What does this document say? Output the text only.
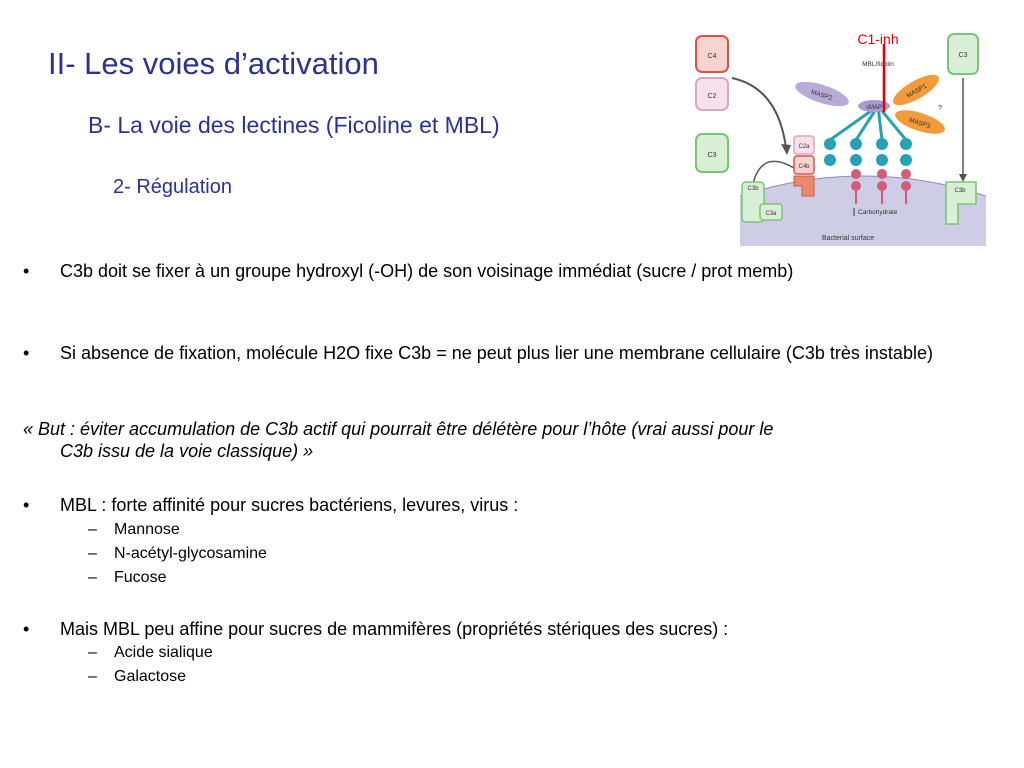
II- Les voies d’activation
B- La voie des lectines (Ficoline et MBL)
2- Régulation
Bacterial surface
C4
C2
C3
C3
C2a
C4b
C3b
C3a
C3b
Carbohydrate
sMAP
MASP2	MASP1
MASP3
?
MBL/ficolin
C1-inh
• C3b doit se fixer à un groupe hydroxyl (-OH) de son voisinage immédiat (sucre / prot memb)
• Si absence de fixation, molécule H2O fixe C3b = ne peut plus lier une membrane cellulaire (C3b très instable)
« But : éviter accumulation de C3b actif qui pourrait être délétère pour l’hôte (vrai aussi pour le
C3b issu de la voie classique) »
• MBL : forte affinité pour sucres bactériens, levures, virus :
– Mannose
– N-acétyl-glycosamine
– Fucose
• Mais MBL peu affine pour sucres de mammifères (propriétés stériques des sucres) :
– Acide sialique
– Galactose
